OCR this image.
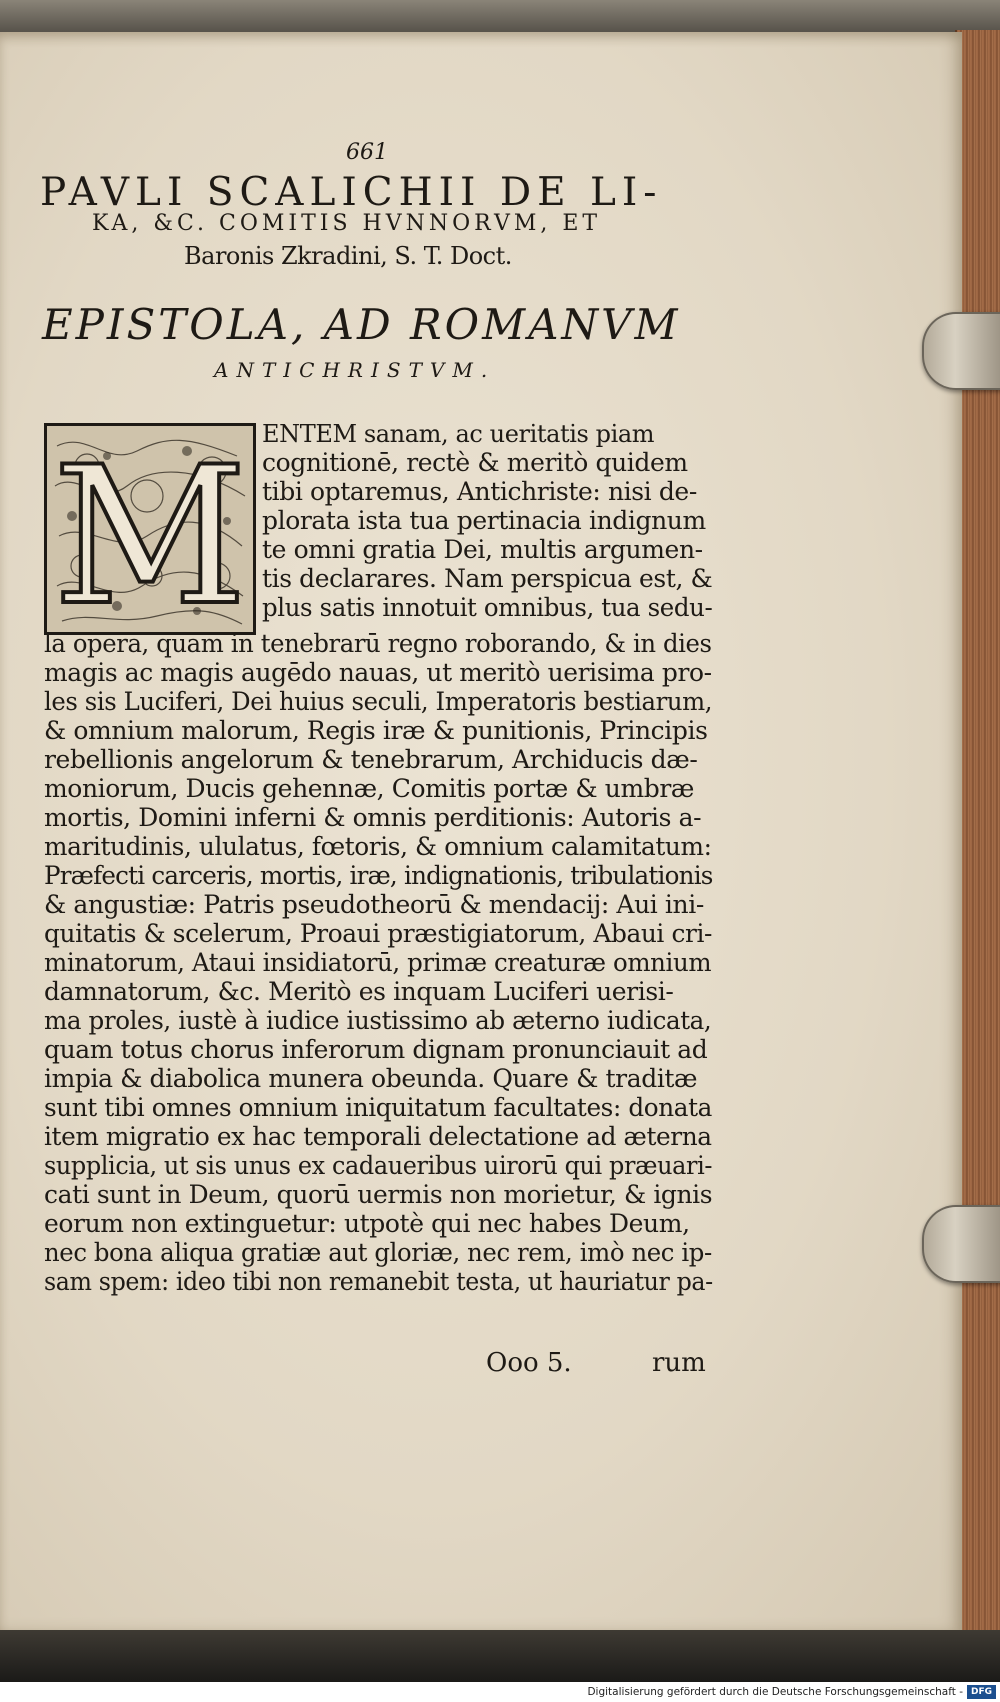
661
PAVLI SCALICHII DE LI-
KA, &C. COMITIS HVNNORVM, ET
Baronis Zkradini, S. T. Doct.
EPISTOLA, AD ROMANVM
ANTICHRISTVM.
M ENTEM sanam, ac ueritatis piam
cognitionē, rectè & meritò quidem
tibi optaremus, Antichriste: nisi de-
plorata ista tua pertinacia indignum
te omni gratia Dei, multis argumen-
tis declarares. Nam perspicua est, &
plus satis innotuit omnibus, tua sedu-
la opera, quam in tenebrarū regno roborando, & in dies
magis ac magis augēdo nauas, ut meritò uerisima pro-
les sis Luciferi, Dei huius seculi, Imperatoris bestiarum,
& omnium malorum, Regis iræ & punitionis, Principis
rebellionis angelorum & tenebrarum, Archiducis dæ-
moniorum, Ducis gehennæ, Comitis portæ & umbræ
mortis, Domini inferni & omnis perditionis: Autoris a-
maritudinis, ululatus, fœtoris, & omnium calamitatum:
Præfecti carceris, mortis, iræ, indignationis, tribulationis
& angustiæ: Patris pseudotheorū & mendacij: Aui ini-
quitatis & scelerum, Proaui præstigiatorum, Abaui cri-
minatorum, Ataui insidiatorū, primæ creaturæ omnium
damnatorum, &c. Meritò es inquam Luciferi uerisi-
ma proles, iustè à iudice iustissimo ab æterno iudicata,
quam totus chorus inferorum dignam pronunciauit ad
impia & diabolica munera obeunda. Quare & traditæ
sunt tibi omnes omnium iniquitatum facultates: donata
item migratio ex hac temporali delectatione ad æterna
supplicia, ut sis unus ex cadaueribus uirorū qui præuari-
cati sunt in Deum, quorū uermis non morietur, & ignis
eorum non extinguetur: utpotè qui nec habes Deum,
nec bona aliqua gratiæ aut gloriæ, nec rem, imò nec ip-
sam spem: ideo tibi non remanebit testa, ut hauriatur pa-
Ooo 5.	rum
Digitalisierung gefördert durch die Deutsche Forschungsgemeinschaft - DFG
